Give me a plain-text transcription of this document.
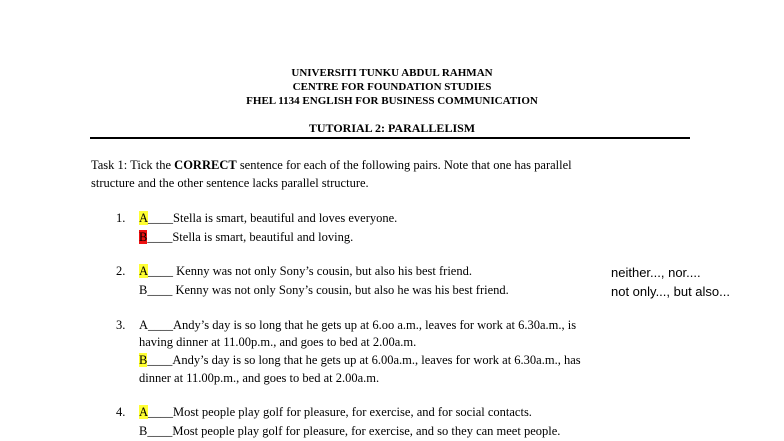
UNIVERSITI TUNKU ABDUL RAHMAN
CENTRE FOR FOUNDATION STUDIES
FHEL 1134 ENGLISH FOR BUSINESS COMMUNICATION
TUTORIAL 2: PARALLELISM
Task 1: Tick the CORRECT sentence for each of the following pairs. Note that one has parallel
structure and the other sentence lacks parallel structure.
1. A____Stella is smart, beautiful and loves everyone.
B____Stella is smart, beautiful and loving.
2. A____ Kenny was not only Sony’s cousin, but also his best friend.
B____ Kenny was not only Sony’s cousin, but also he was his best friend.
neither..., nor....
not only..., but also...
3. A____Andy’s day is so long that he gets up at 6.oo a.m., leaves for work at 6.30a.m., is
having dinner at 11.00p.m., and goes to bed at 2.00a.m.
B____Andy’s day is so long that he gets up at 6.00a.m., leaves for work at 6.30a.m., has
dinner at 11.00p.m., and goes to bed at 2.00a.m.
4. A____Most people play golf for pleasure, for exercise, and for social contacts.
B____Most people play golf for pleasure, for exercise, and so they can meet people.
